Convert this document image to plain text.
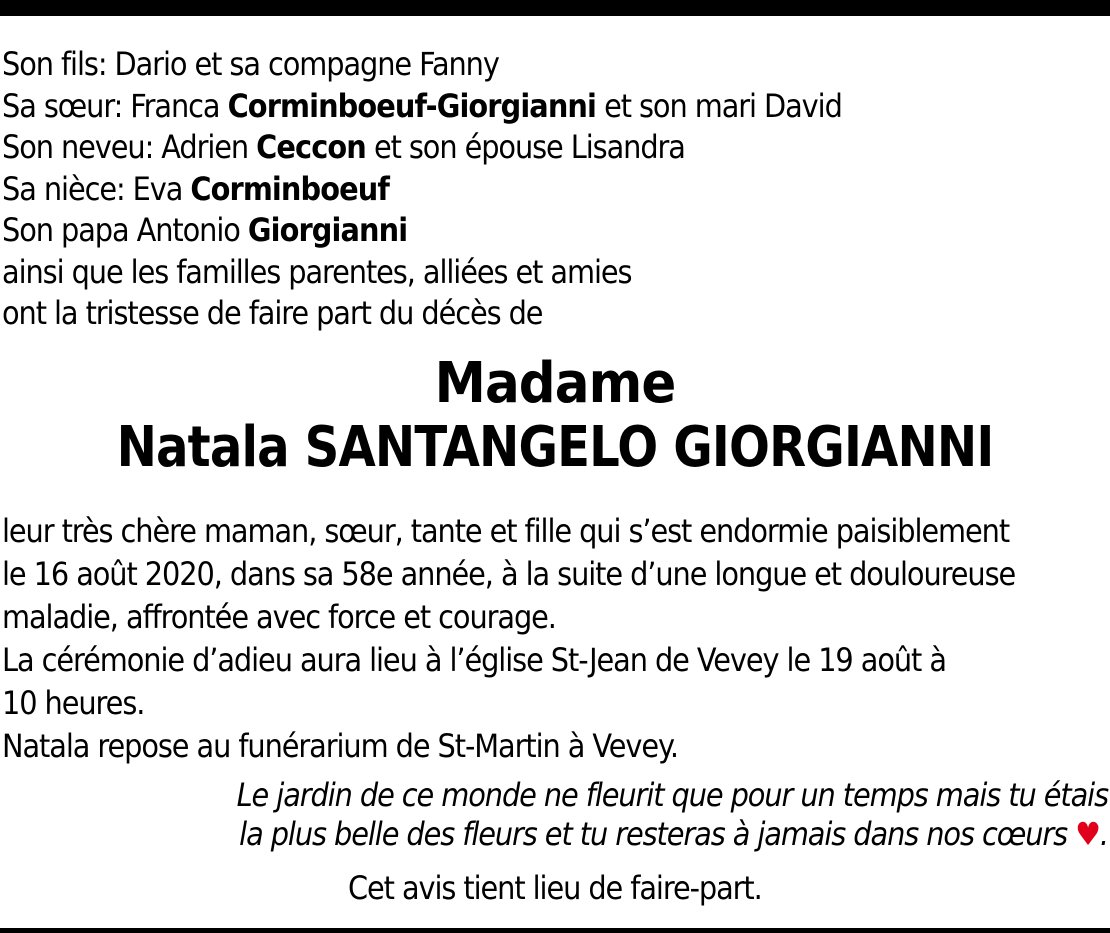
Son fils: Dario et sa compagne Fanny
Sa sœur: Franca Corminboeuf-Giorgianni et son mari David
Son neveu: Adrien Ceccon et son épouse Lisandra
Sa nièce: Eva Corminboeuf
Son papa Antonio Giorgianni
ainsi que les familles parentes, alliées et amies
ont la tristesse de faire part du décès de
Madame
Natala SANTANGELO GIORGIANNI
leur très chère maman, sœur, tante et fille qui s’est endormie paisiblement
le 16 août 2020, dans sa 58e année, à la suite d’une longue et douloureuse
maladie, affrontée avec force et courage.
La cérémonie d’adieu aura lieu à l’église St-Jean de Vevey le 19 août à
10 heures.
Natala repose au funérarium de St-Martin à Vevey.
Le jardin de ce monde ne fleurit que pour un temps mais tu étais
la plus belle des fleurs et tu resteras à jamais dans nos cœurs ♥.
Cet avis tient lieu de faire-part.
